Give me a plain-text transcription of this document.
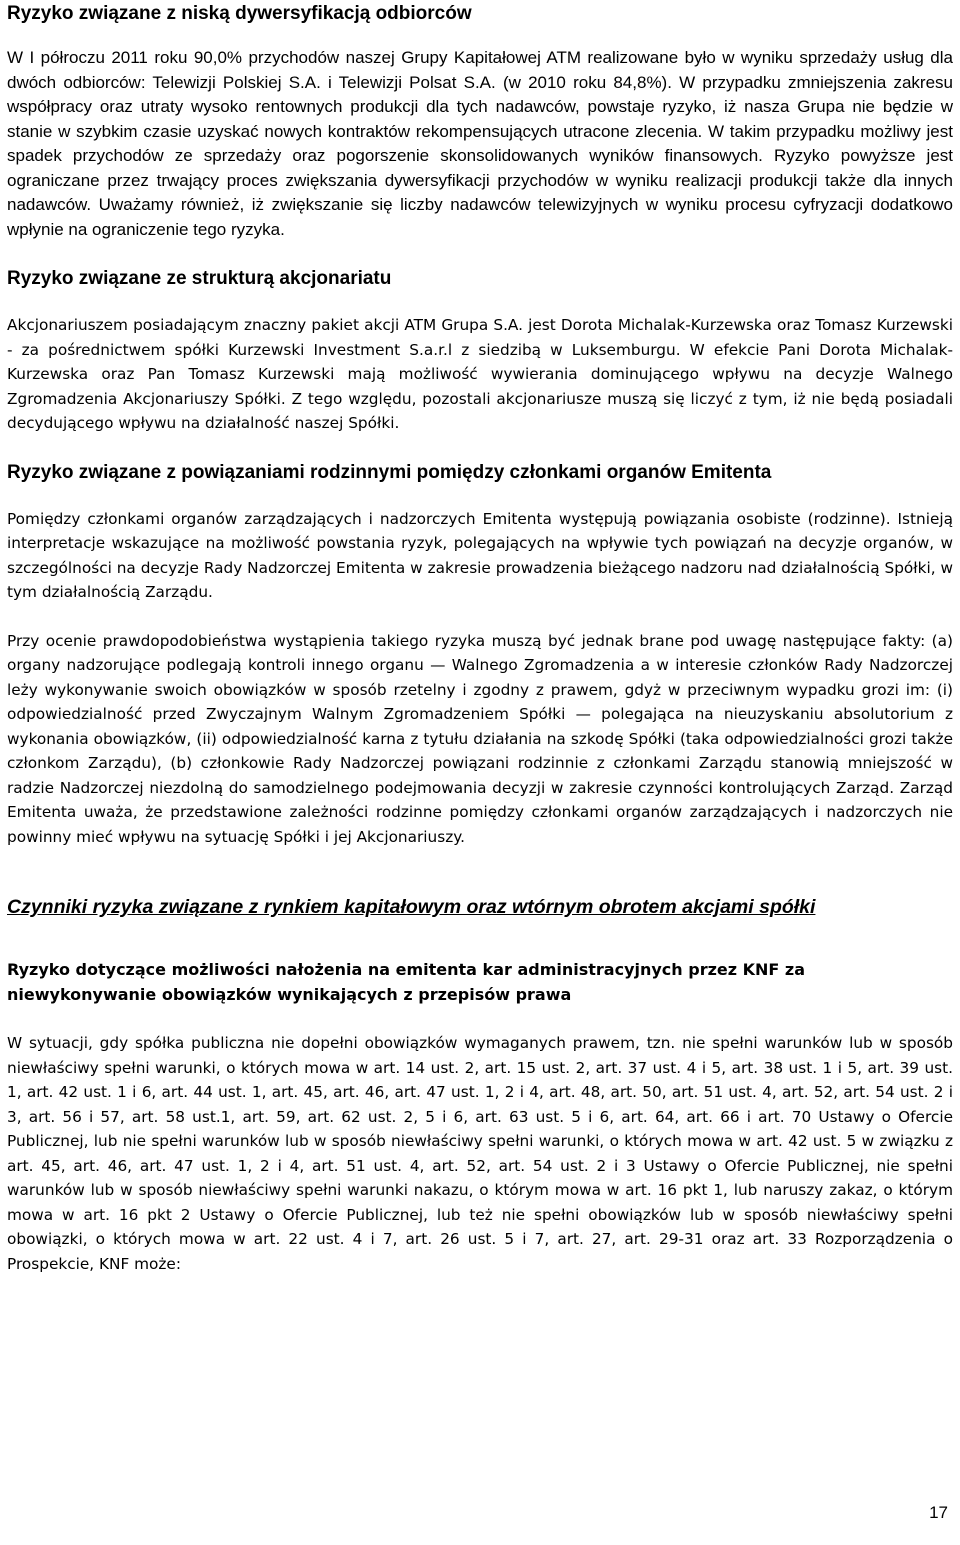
Ryzyko związane z niską dywersyfikacją odbiorców

W I półroczu 2011 roku 90,0% przychodów naszej Grupy Kapitałowej ATM realizowane było w wyniku sprzedaży usług dla dwóch odbiorców: Telewizji Polskiej S.A. i Telewizji Polsat S.A. (w 2010 roku 84,8%). W przypadku zmniejszenia zakresu współpracy oraz utraty wysoko rentownych produkcji dla tych nadawców, powstaje ryzyko, iż nasza Grupa nie będzie w stanie w szybkim czasie uzyskać nowych kontraktów rekompensujących utracone zlecenia. W takim przypadku możliwy jest spadek przychodów ze sprzedaży oraz pogorszenie skonsolidowanych wyników finansowych. Ryzyko powyższe jest ograniczane przez trwający proces zwiększania dywersyfikacji przychodów w wyniku realizacji produkcji także dla innych nadawców. Uważamy również, iż zwiększanie się liczby nadawców telewizyjnych w wyniku procesu cyfryzacji dodatkowo wpłynie na ograniczenie tego ryzyka.

Ryzyko związane ze strukturą akcjonariatu

Akcjonariuszem posiadającym znaczny pakiet akcji ATM Grupa S.A. jest Dorota Michalak-Kurzewska oraz Tomasz Kurzewski - za pośrednictwem spółki Kurzewski Investment S.a.r.l z siedzibą w Luksemburgu. W efekcie Pani Dorota Michalak-Kurzewska oraz Pan Tomasz Kurzewski mają możliwość wywierania dominującego wpływu na decyzje Walnego Zgromadzenia Akcjonariuszy Spółki. Z tego względu, pozostali akcjonariusze muszą się liczyć z tym, iż nie będą posiadali decydującego wpływu na działalność naszej Spółki.

Ryzyko związane z powiązaniami rodzinnymi pomiędzy członkami organów Emitenta

Pomiędzy członkami organów zarządzających i nadzorczych Emitenta występują powiązania osobiste (rodzinne). Istnieją interpretacje wskazujące na możliwość powstania ryzyk, polegających na wpływie tych powiązań na decyzje organów, w szczególności na decyzje Rady Nadzorczej Emitenta w zakresie prowadzenia bieżącego nadzoru nad działalnością Spółki, w tym działalnością Zarządu.

Przy ocenie prawdopodobieństwa wystąpienia takiego ryzyka muszą być jednak brane pod uwagę następujące fakty: (a) organy nadzorujące podlegają kontroli innego organu — Walnego Zgromadzenia a w interesie członków Rady Nadzorczej leży wykonywanie swoich obowiązków w sposób rzetelny i zgodny z prawem, gdyż w przeciwnym wypadku grozi im: (i) odpowiedzialność przed Zwyczajnym Walnym Zgromadzeniem Spółki — polegająca na nieuzyskaniu absolutorium z wykonania obowiązków, (ii) odpowiedzialność karna z tytułu działania na szkodę Spółki (taka odpowiedzialności grozi także członkom Zarządu), (b) członkowie Rady Nadzorczej powiązani rodzinnie z członkami Zarządu stanowią mniejszość w radzie Nadzorczej niezdolną do samodzielnego podejmowania decyzji w zakresie czynności kontrolujących Zarząd. Zarząd Emitenta uważa, że przedstawione zależności rodzinne pomiędzy członkami organów zarządzających i nadzorczych nie powinny mieć wpływu na sytuację Spółki i jej Akcjonariuszy.

Czynniki ryzyka związane z rynkiem kapitałowym oraz wtórnym obrotem akcjami spółki
Ryzyko dotyczące możliwości nałożenia na emitenta kar administracyjnych przez KNF za niewykonywanie obowiązków wynikających z przepisów prawa

W sytuacji, gdy spółka publiczna nie dopełni obowiązków wymaganych prawem, tzn. nie spełni warunków lub w sposób niewłaściwy spełni warunki, o których mowa w art. 14 ust. 2, art. 15 ust. 2, art. 37 ust. 4 i 5, art. 38 ust. 1 i 5, art. 39 ust. 1, art. 42 ust. 1 i 6, art. 44 ust. 1, art. 45, art. 46, art. 47 ust. 1, 2 i 4, art. 48, art. 50, art. 51 ust. 4, art. 52, art. 54 ust. 2 i 3, art. 56 i 57, art. 58 ust.1, art. 59, art. 62 ust. 2, 5 i 6, art. 63 ust. 5 i 6, art. 64, art. 66 i art. 70 Ustawy o Ofercie Publicznej, lub nie spełni warunków lub w sposób niewłaściwy spełni warunki, o których mowa w art. 42 ust. 5 w związku z art. 45, art. 46, art. 47 ust. 1, 2 i 4, art. 51 ust. 4, art. 52, art. 54 ust. 2 i 3 Ustawy o Ofercie Publicznej, nie spełni warunków lub w sposób niewłaściwy spełni warunki nakazu, o którym mowa w art. 16 pkt 1, lub naruszy zakaz, o którym mowa w art. 16 pkt 2 Ustawy o Ofercie Publicznej, lub też nie spełni obowiązków lub w sposób niewłaściwy spełni obowiązki, o których mowa w art. 22 ust. 4 i 7, art. 26 ust. 5 i 7, art. 27, art. 29-31 oraz art. 33 Rozporządzenia o Prospekcie, KNF może:

17
